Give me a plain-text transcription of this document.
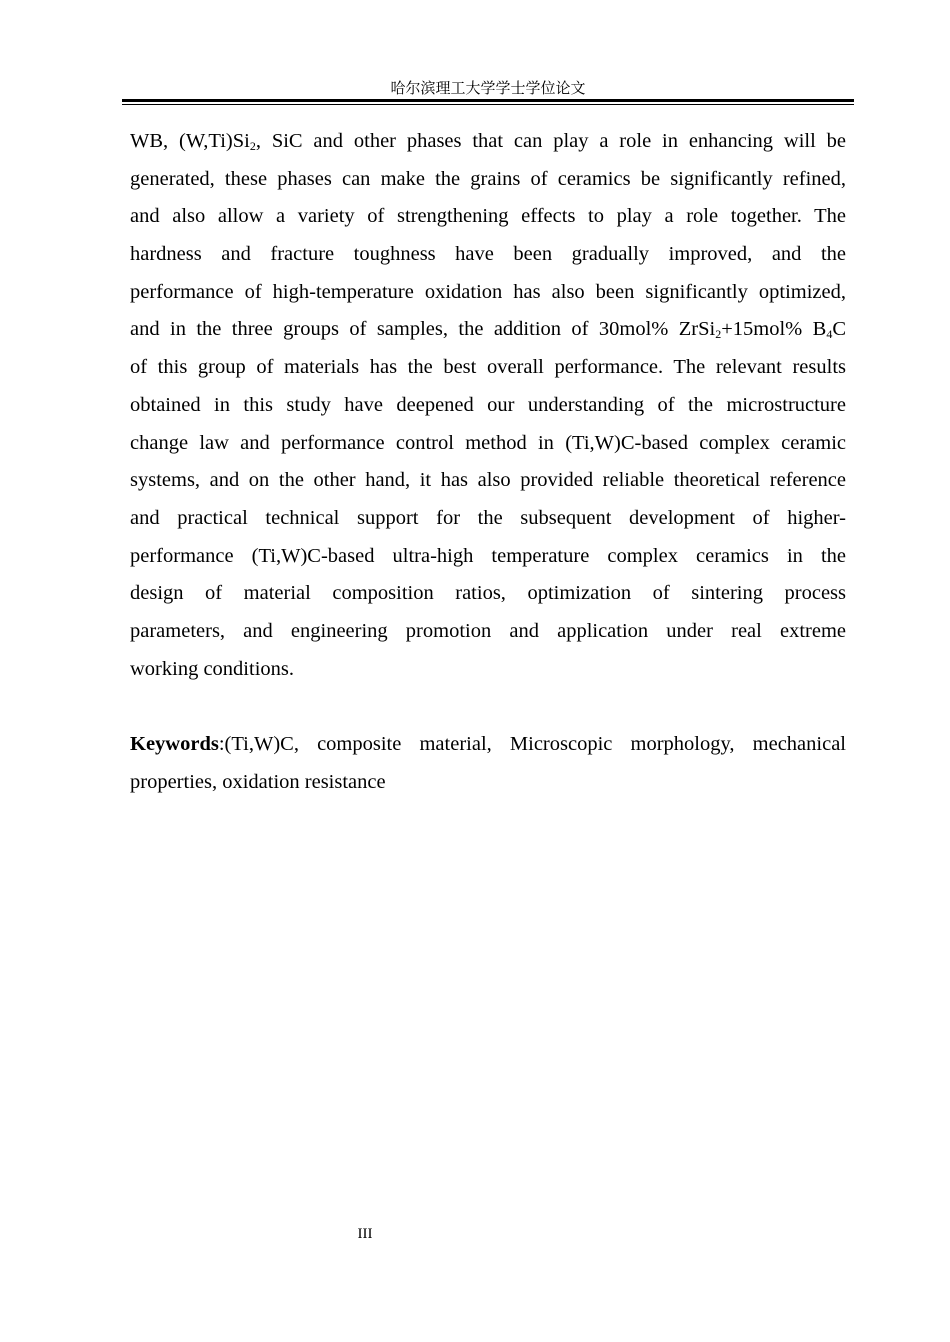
哈尔滨理工大学学士学位论文
WB, $(W,Ti)Si_2$, SiC and other phases that can play a role in enhancing will be
generated, these phases can make the grains of ceramics be significantly refined,
and also allow a variety of strengthening effects to play a role together. The
hardness and fracture toughness have been gradually improved, and the
performance of high-temperature oxidation has also been significantly optimized,
and in the three groups of samples, the addition of 30mol% ZrSi$_2$+15mol% $B_4C$
of this group of materials has the best overall performance. The relevant results
obtained in this study have deepened our understanding of the microstructure
change law and performance control method in (Ti,W)C-based complex ceramic
systems, and on the other hand, it has also provided reliable theoretical reference
and practical technical support for the subsequent development of higher-
performance (Ti,W)C-based ultra-high temperature complex ceramics in the
design of material composition ratios, optimization of sintering process
parameters, and engineering promotion and application under real extreme
working conditions.
Keywords:(Ti,W)C, composite material, Microscopic morphology, mechanical
properties, oxidation resistance
III
